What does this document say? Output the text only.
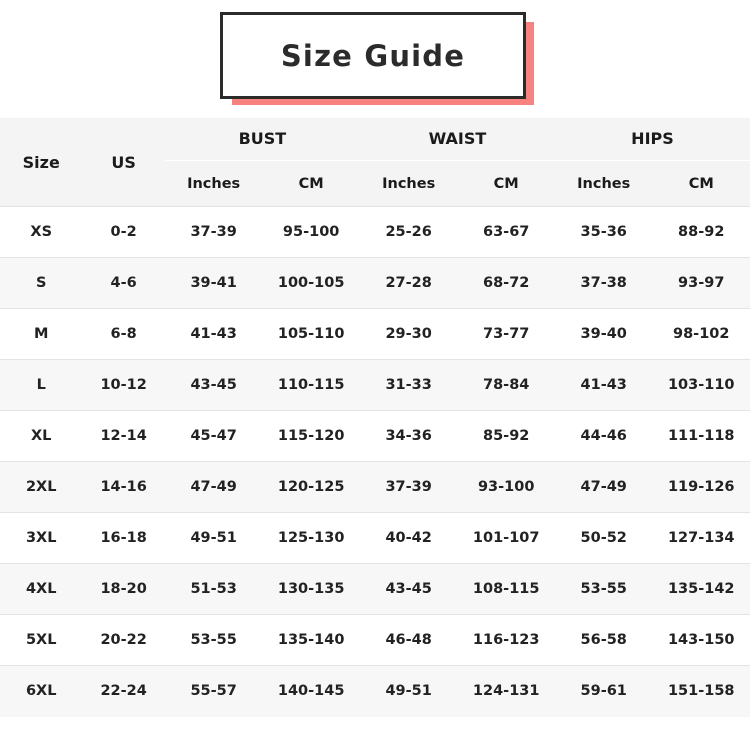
Size Guide
Size	US	BUST		WAIST		HIPS	

		Inches	CM	Inches	CM	Inches	CM
XS	0-2	37-39	95-100	25-26	63-67	35-36	88-92
S	4-6	39-41	100-105	27-28	68-72	37-38	93-97
M	6-8	41-43	105-110	29-30	73-77	39-40	98-102
L	10-12	43-45	110-115	31-33	78-84	41-43	103-110
XL	12-14	45-47	115-120	34-36	85-92	44-46	111-118
2XL	14-16	47-49	120-125	37-39	93-100	47-49	119-126
3XL	16-18	49-51	125-130	40-42	101-107	50-52	127-134
4XL	18-20	51-53	130-135	43-45	108-115	53-55	135-142
5XL	20-22	53-55	135-140	46-48	116-123	56-58	143-150
6XL	22-24	55-57	140-145	49-51	124-131	59-61	151-158
